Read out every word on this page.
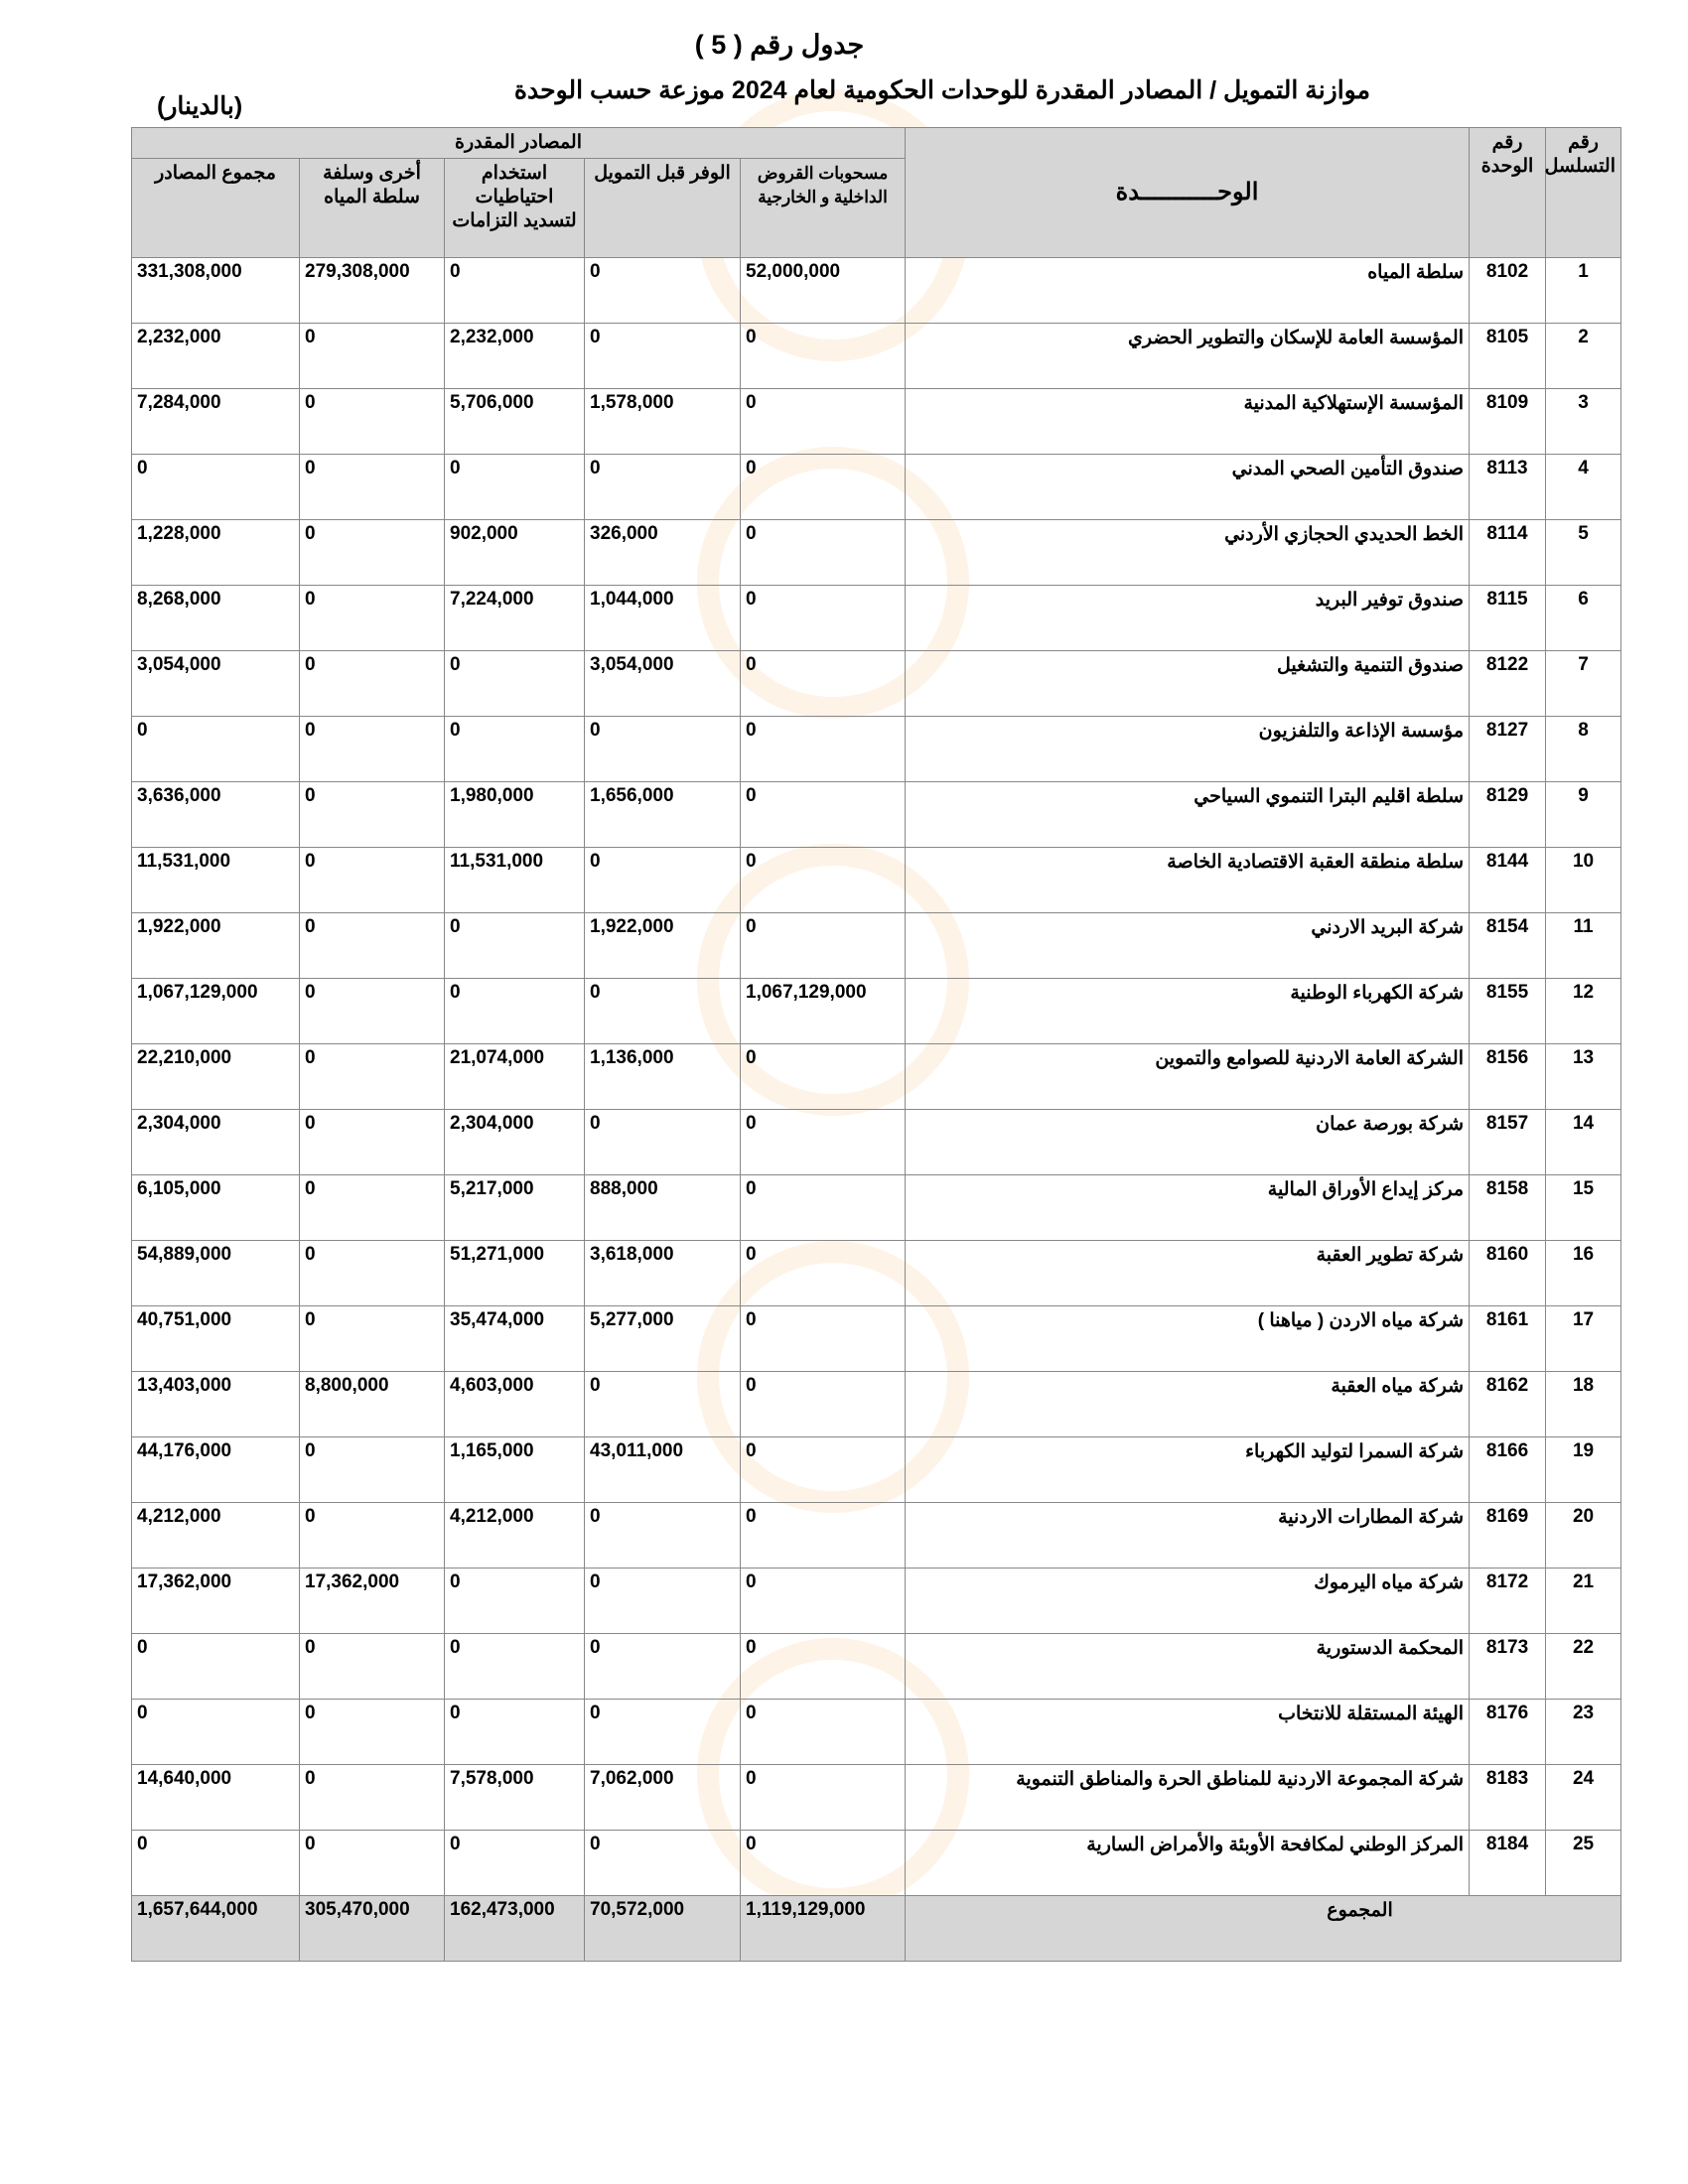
جدول رقم ( 5 )
موازنة التمويل / المصادر المقدرة للوحدات الحكومية لعام 2024 موزعة حسب الوحدة
(بالدينار)
رقم التسلسل	رقم الوحدة	الوحـــــــــــدة	المصادر المقدرة				
			مسحوبات القروض الداخلية و الخارجية	الوفر قبل التمويل	استخدام احتياطيات لتسديد التزامات	أخرى وسلفة سلطة المياه	مجموع المصادر
1	8102	سلطة المياه	52,000,000	0	0	279,308,000	331,308,000
2	8105	المؤسسة العامة للإسكان والتطوير الحضري	0	0	2,232,000	0	2,232,000
3	8109	المؤسسة الإستهلاكية المدنية	0	1,578,000	5,706,000	0	7,284,000
4	8113	صندوق التأمين الصحي المدني	0	0	0	0	0
5	8114	الخط الحديدي الحجازي الأردني	0	326,000	902,000	0	1,228,000
6	8115	صندوق توفير البريد	0	1,044,000	7,224,000	0	8,268,000
7	8122	صندوق التنمية والتشغيل	0	3,054,000	0	0	3,054,000
8	8127	مؤسسة الإذاعة والتلفزيون	0	0	0	0	0
9	8129	سلطة اقليم البترا التنموي السياحي	0	1,656,000	1,980,000	0	3,636,000
10	8144	سلطة منطقة العقبة الاقتصادية الخاصة	0	0	11,531,000	0	11,531,000
11	8154	شركة البريد الاردني	0	1,922,000	0	0	1,922,000
12	8155	شركة الكهرباء الوطنية	1,067,129,000	0	0	0	1,067,129,000
13	8156	الشركة العامة الاردنية للصوامع والتموين	0	1,136,000	21,074,000	0	22,210,000
14	8157	شركة بورصة عمان	0	0	2,304,000	0	2,304,000
15	8158	مركز إيداع الأوراق المالية	0	888,000	5,217,000	0	6,105,000
16	8160	شركة تطوير العقبة	0	3,618,000	51,271,000	0	54,889,000
17	8161	شركة مياه الاردن ( مياهنا )	0	5,277,000	35,474,000	0	40,751,000
18	8162	شركة مياه العقبة	0	0	4,603,000	8,800,000	13,403,000
19	8166	شركة السمرا لتوليد الكهرباء	0	43,011,000	1,165,000	0	44,176,000
20	8169	شركة المطارات الاردنية	0	0	4,212,000	0	4,212,000
21	8172	شركة مياه اليرموك	0	0	0	17,362,000	17,362,000
22	8173	المحكمة الدستورية	0	0	0	0	0
23	8176	الهيئة المستقلة للانتخاب	0	0	0	0	0
24	8183	شركة المجموعة الاردنية للمناطق الحرة والمناطق التنموية	0	7,062,000	7,578,000	0	14,640,000
25	8184	المركز الوطني لمكافحة الأوبئة والأمراض السارية	0	0	0	0	0
المجموع			1,119,129,000	70,572,000	162,473,000	305,470,000	1,657,644,000
